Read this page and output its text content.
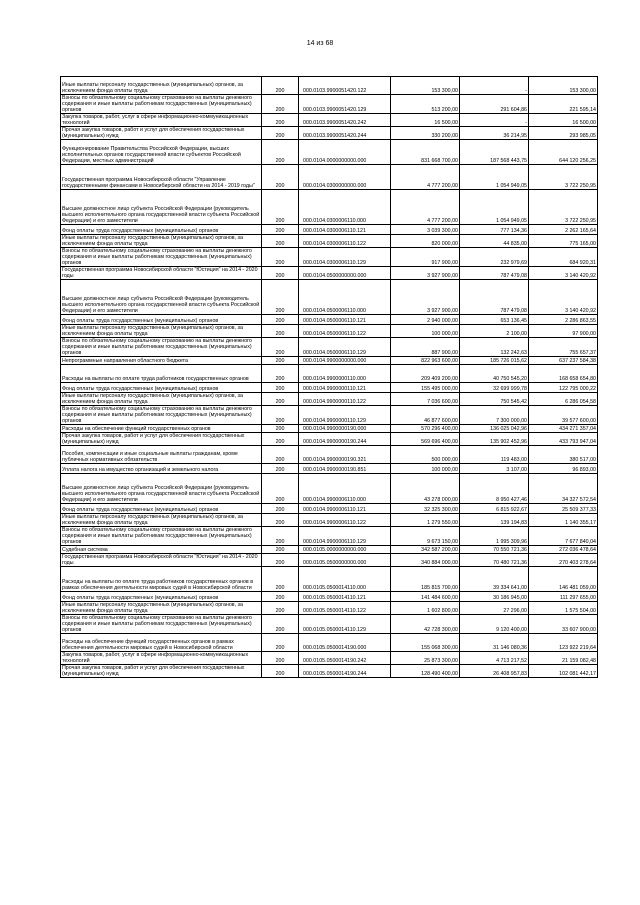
14 из 68
Иные выплаты персоналу государственных (муниципальных) органов, за исключением фонда оплаты труда	200	000.0103.9900051420.122	153 300,00	-	153 300,00
Взносы по обязательному социальному страхованию на выплаты денежного содержания и иные выплаты работникам государственных (муниципальных) органов	200	000.0103.9900051420.129	513 200,00	291 604,86	221 595,14
Закупка товаров, работ, услуг в сфере информационно-коммуникационных технологий	200	000.0103.9900051420.242	16 500,00	-	16 500,00
Прочая закупка товаров, работ и услуг для обеспечения государственных (муниципальных) нужд	200	000.0103.9900051420.244	330 200,00	36 214,95	293 985,05
Функционирование Правительства Российской Федерации, высших исполнительных органов государственной власти субъектов Российской Федерации, местных администраций	200	000.0104.0000000000.000	831 668 700,00	187 568 443,75	644 120 256,25
Государственная программа Новосибирской области "Управление государственными финансами в Новосибирской области на 2014 - 2019 годы"	200	000.0104.0300000000.000	4 777 200,00	1 054 949,05	3 722 250,95
Высшее должностное лицо субъекта Российской Федерации (руководитель высшего исполнительного органа государственной власти субъекта Российской Федерации) и его заместители	200	000.0104.0300006110.000	4 777 200,00	1 054 949,05	3 722 250,95
Фонд оплаты труда государственных (муниципальных) органов	200	000.0104.0300006110.121	3 039 300,00	777 134,36	2 262 165,64
Иные выплаты персоналу государственных (муниципальных) органов, за исключением фонда оплаты труда	200	000.0104.0300006110.122	820 000,00	44 835,00	775 165,00
Взносы по обязательному социальному страхованию на выплаты денежного содержания и иные выплаты работникам государственных (муниципальных) органов	200	000.0104.0300006110.129	917 900,00	232 979,69	684 920,31
Государственная программа Новосибирской области "Юстиция" на 2014 - 2020 годы	200	000.0104.0500000000.000	3 927 900,00	787 479,08	3 140 420,92
Высшее должностное лицо субъекта Российской Федерации (руководитель высшего исполнительного органа государственной власти субъекта Российской Федерации) и его заместители	200	000.0104.0500006110.000	3 927 900,00	787 479,08	3 140 420,92
Фонд оплаты труда государственных (муниципальных) органов	200	000.0104.0500006110.121	2 940 000,00	653 136,45	2 286 863,55
Иные выплаты персоналу государственных (муниципальных) органов, за исключением фонда оплаты труда	200	000.0104.0500006110.122	100 000,00	2 100,00	97 900,00
Взносы по обязательному социальному страхованию на выплаты денежного содержания и иные выплаты работникам государственных (муниципальных) органов	200	000.0104.0500006110.129	887 900,00	132 242,63	755 657,37
Непрограммные направления областного бюджета	200	000.0104.9900000000.000	822 963 600,00	185 726 015,62	637 237 584,38
Расходы на выплаты по оплате труда работников государственных органов	200	000.0104.9900000110.000	209 409 200,00	40 750 545,20	168 658 654,80
Фонд оплаты труда государственных (муниципальных) органов	200	000.0104.9900000110.121	155 495 000,00	32 699 999,78	122 795 000,22
Иные выплаты персоналу государственных (муниципальных) органов, за исключением фонда оплаты труда	200	000.0104.9900000110.122	7 036 600,00	750 545,42	6 286 054,58
Взносы по обязательному социальному страхованию на выплаты денежного содержания и иные выплаты работникам государственных (муниципальных) органов	200	000.0104.9900000110.129	46 877 600,00	7 300 000,00	39 577 600,00
Расходы на обеспечение функций государственных органов	200	000.0104.9900000190.000	570 296 400,00	136 025 042,96	434 271 357,04
Прочая закупка товаров, работ и услуг для обеспечения государственных (муниципальных) нужд	200	000.0104.9900000190.244	569 696 400,00	135 902 452,96	433 793 947,04
Пособия, компенсации и иные социальные выплаты гражданам, кроме публичных нормативных обязательств	200	000.0104.9900000190.321	500 000,00	119 483,00	380 517,00
Уплата налога на имущество организаций и земельного налога	200	000.0104.9900000190.851	100 000,00	3 107,00	96 893,00
Высшее должностное лицо субъекта Российской Федерации (руководитель высшего исполнительного органа государственной власти субъекта Российской Федерации) и его заместители	200	000.0104.9900006110.000	43 278 000,00	8 950 427,46	34 327 572,54
Фонд оплаты труда государственных (муниципальных) органов	200	000.0104.9900006110.121	32 325 300,00	6 815 922,67	25 509 377,33
Иные выплаты персоналу государственных (муниципальных) органов, за исключением фонда оплаты труда	200	000.0104.9900006110.122	1 279 550,00	139 194,83	1 140 355,17
Взносы по обязательному социальному страхованию на выплаты денежного содержания и иные выплаты работникам государственных (муниципальных) органов	200	000.0104.9900006110.129	9 673 150,00	1 995 309,96	7 677 840,04
Судебная система	200	000.0105.0000000000.000	342 587 200,00	70 550 721,36	272 036 478,64
Государственная программа Новосибирской области "Юстиция" на 2014 - 2020 годы	200	000.0105.0500000000.000	340 884 000,00	70 480 721,36	270 403 278,64
Расходы на выплаты по оплате труда работников государственных органов в рамках обеспечения деятельности мировых судей в Новосибирской области	200	000.0105.0500014110.000	185 815 700,00	39 334 641,00	146 481 059,00
Фонд оплаты труда государственных (муниципальных) органов	200	000.0105.0500014110.121	141 484 600,00	30 186 945,00	111 297 655,00
Иные выплаты персоналу государственных (муниципальных) органов, за исключением фонда оплаты труда	200	000.0105.0500014110.122	1 602 800,00	27 296,00	1 575 504,00
Взносы по обязательному социальному страхованию на выплаты денежного содержания и иные выплаты работникам государственных (муниципальных) органов	200	000.0105.0500014110.129	42 728 300,00	9 120 400,00	33 607 900,00
Расходы на обеспечение функций государственных органов в рамках обеспечения деятельности мировых судей в Новосибирской области	200	000.0105.0500014190.000	155 068 300,00	31 146 080,36	123 922 219,64
Закупка товаров, работ, услуг в сфере информационно-коммуникационных технологий	200	000.0105.0500014190.242	25 873 300,00	4 713 217,52	21 159 082,48
Прочая закупка товаров, работ и услуг для обеспечения государственных (муниципальных) нужд	200	000.0105.0500014190.244	128 490 400,00	26 408 957,83	102 081 442,17
